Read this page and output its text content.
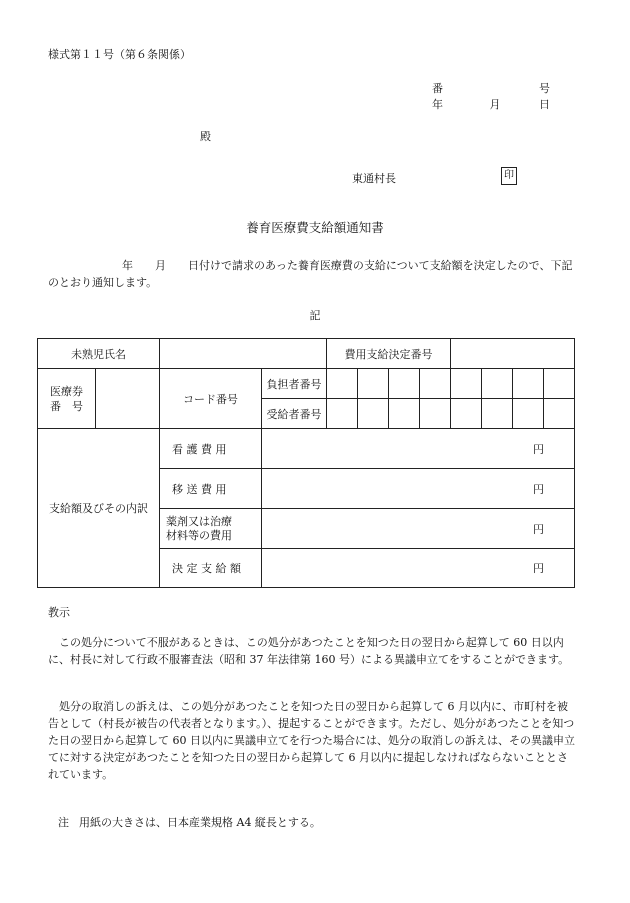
様式第１１号（第６条関係）
番	号
年	月	日
殿
東通村長	印
養育医療費支給額通知書
年 月 日付けで請求のあった養育医療費の支給について支給額を決定したので、下記のとおり通知します。
記
未熟児氏名				費用支給決定番号							
医療券
番　号		コード番号	負担者番号								
			受給者番号								
支給額及びその内訳		看 護 費 用	円								
		移 送 費 用	円								
		薬剤又は治療
材料等の費用	円								
		決 定 支 給 額	円								
教示
この処分について不服があるときは、この処分があつたことを知つた日の翌日から起算して 60 日以内に、村長に対して行政不服審査法（昭和 37 年法律第 160 号）による異議申立てをすることができます。
処分の取消しの訴えは、この処分があつたことを知つた日の翌日から起算して 6 月以内に、市町村を被告として（村長が被告の代表者となります。）、提起することができます。ただし、処分があつたことを知つた日の翌日から起算して 60 日以内に異議申立てを行つた場合には、処分の取消しの訴えは、その異議申立てに対する決定があつたことを知つた日の翌日から起算して 6 月以内に提起しなければならないこととされています。
注 用紙の大きさは、日本産業規格 A4 縦長とする。
